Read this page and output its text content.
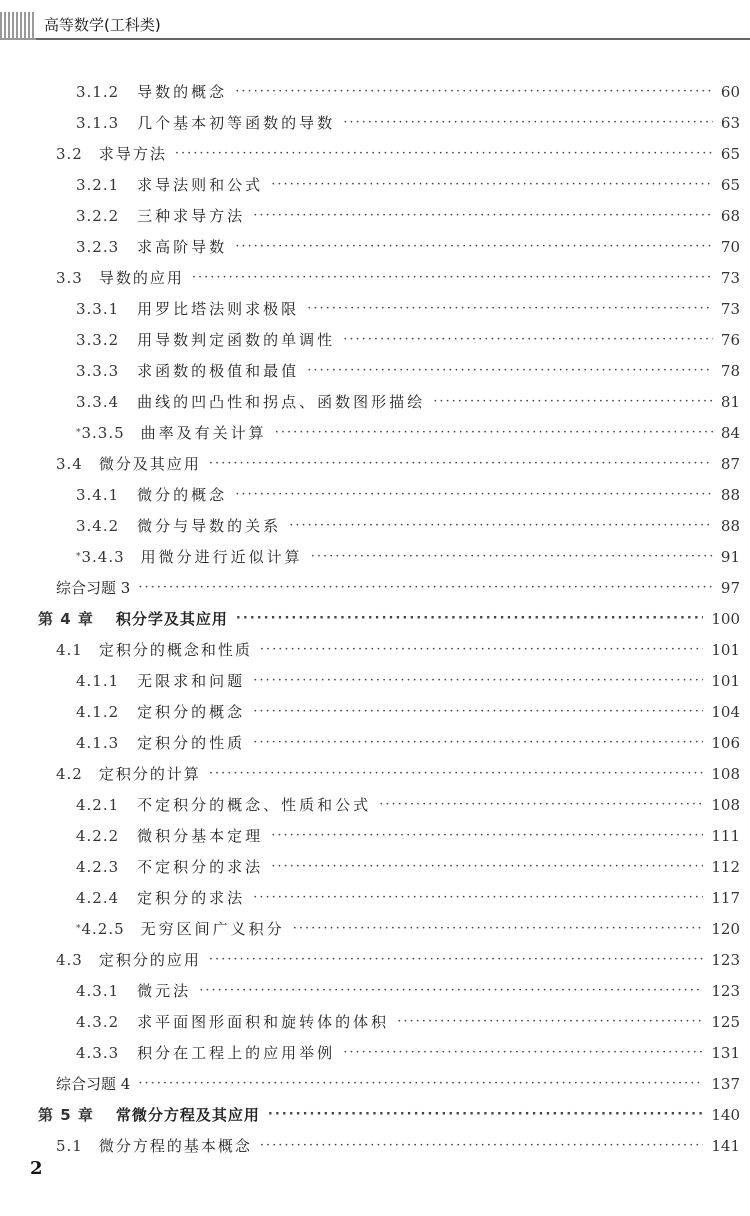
高等数学(工科类)
3.1.2 导数的概念 ·····	60
3.1.3 几个基本初等函数的导数 ·····	63
3.2 求导方法 ·····	65
3.2.1 求导法则和公式 ·····	65
3.2.2 三种求导方法 ·····	68
3.2.3 求高阶导数 ·····	70
3.3 导数的应用 ·····	73
3.3.1 用罗比塔法则求极限 ·····	73
3.3.2 用导数判定函数的单调性 ·····	76
3.3.3 求函数的极值和最值 ·····	78
3.3.4 曲线的凹凸性和拐点、函数图形描绘 ·····	81
* 3.3.5 曲率及有关计算 ·····	84
3.4 微分及其应用 ·····	87
3.4.1 微分的概念 ·····	88
3.4.2 微分与导数的关系 ·····	88
* 3.4.3 用微分进行近似计算 ·····	91
综合习题 3 ·····	97
第 4 章 积分学及其应用 ·····	100
4.1 定积分的概念和性质 ·····	101
4.1.1 无限求和问题 ·····	101
4.1.2 定积分的概念 ·····	104
4.1.3 定积分的性质 ·····	106
4.2 定积分的计算 ·····	108
4.2.1 不定积分的概念、性质和公式 ·····	108
4.2.2 微积分基本定理 ·····	111
4.2.3 不定积分的求法 ·····	112
4.2.4 定积分的求法 ·····	117
* 4.2.5 无穷区间广义积分 ·····	120
4.3 定积分的应用 ·····	123
4.3.1 微元法 ·····	123
4.3.2 求平面图形面积和旋转体的体积 ·····	125
4.3.3 积分在工程上的应用举例 ·····	131
综合习题 4 ·····	137
第 5 章 常微分方程及其应用 ·····	140
5.1 微分方程的基本概念 ·····	141
2
